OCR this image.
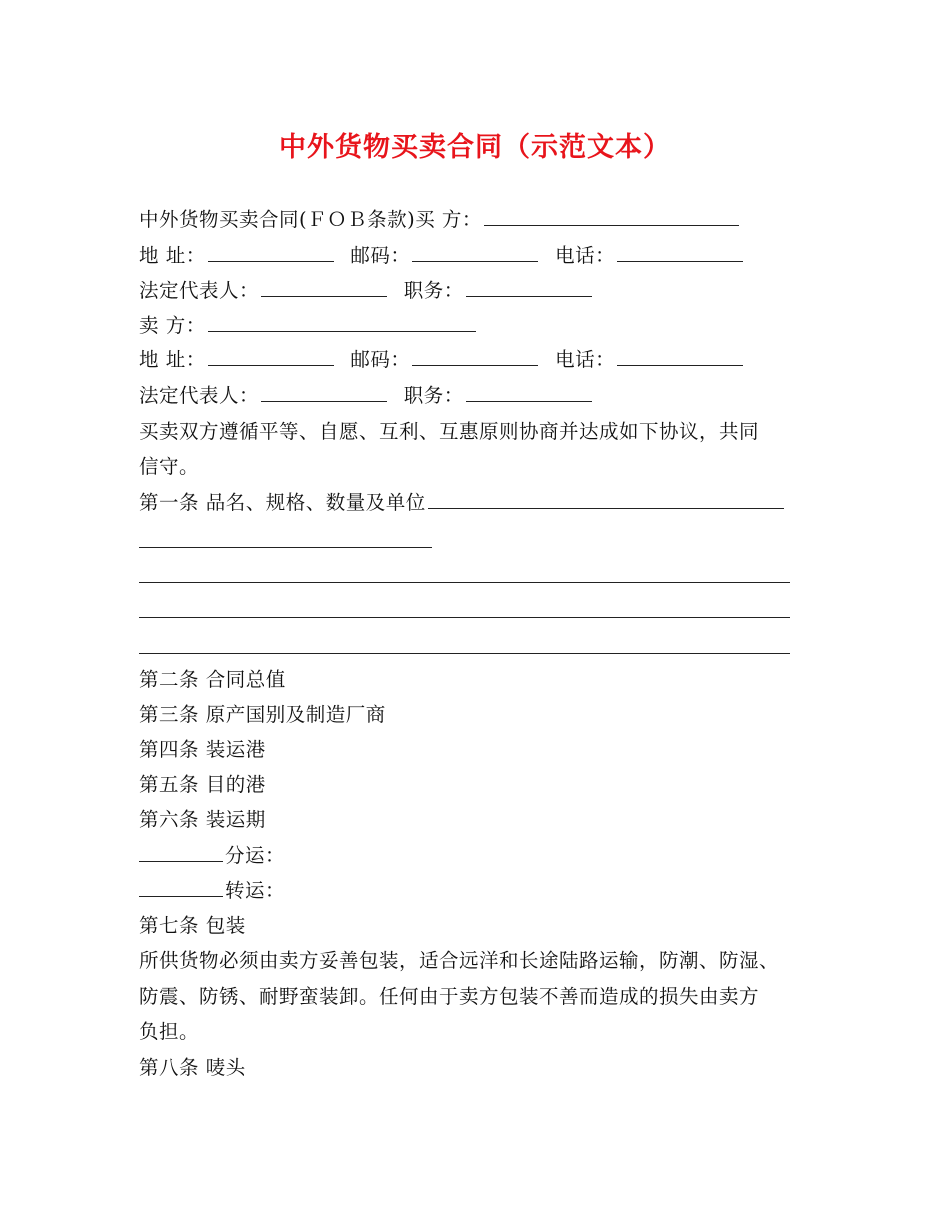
中外货物买卖合同（示范文本）
中外货物买卖合同(ＦＯＢ条款)买 方：
地 址：	邮码：	电话：
法定代表人：	职务：
卖 方：
地 址：	邮码：	电话：
法定代表人：	职务：
买卖双方遵循平等、自愿、互利、互惠原则协商并达成如下协议，共同
信守。
第一条 品名、规格、数量及单位
第二条 合同总值
第三条 原产国别及制造厂商
第四条 装运港
第五条 目的港
第六条 装运期
分运：
转运：
第七条 包装
所供货物必须由卖方妥善包装，适合远洋和长途陆路运输，防潮、防湿、
防震、防锈、耐野蛮装卸。任何由于卖方包装不善而造成的损失由卖方
负担。
第八条 唛头
